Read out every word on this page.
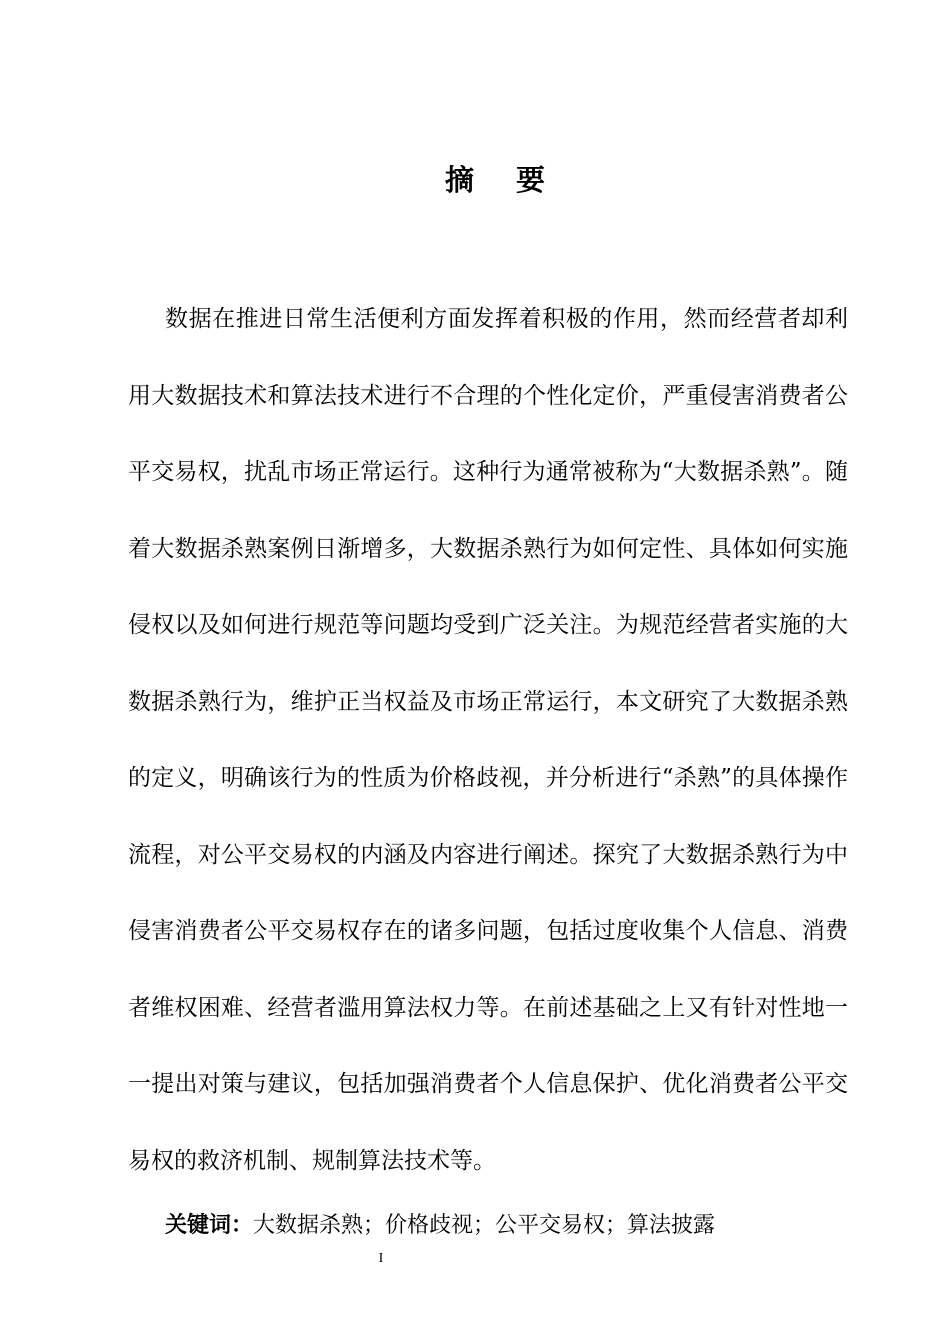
摘 要

数据在推进日常生活便利方面发挥着积极的作用，然而经营者却利用大数据技术和算法技术进行不合理的个性化定价，严重侵害消费者公平交易权，扰乱市场正常运行。这种行为通常被称为“大数据杀熟”。随着大数据杀熟案例日渐增多，大数据杀熟行为如何定性、具体如何实施侵权以及如何进行规范等问题均受到广泛关注。为规范经营者实施的大数据杀熟行为，维护正当权益及市场正常运行，本文研究了大数据杀熟的定义，明确该行为的性质为价格歧视，并分析进行“杀熟”的具体操作流程，对公平交易权的内涵及内容进行阐述。探究了大数据杀熟行为中侵害消费者公平交易权存在的诸多问题，包括过度收集个人信息、消费者维权困难、经营者滥用算法权力等。在前述基础之上又有针对性地一一提出对策与建议，包括加强消费者个人信息保护、优化消费者公平交易权的救济机制、规制算法技术等。

关键词：大数据杀熟；价格歧视；公平交易权；算法披露
I
